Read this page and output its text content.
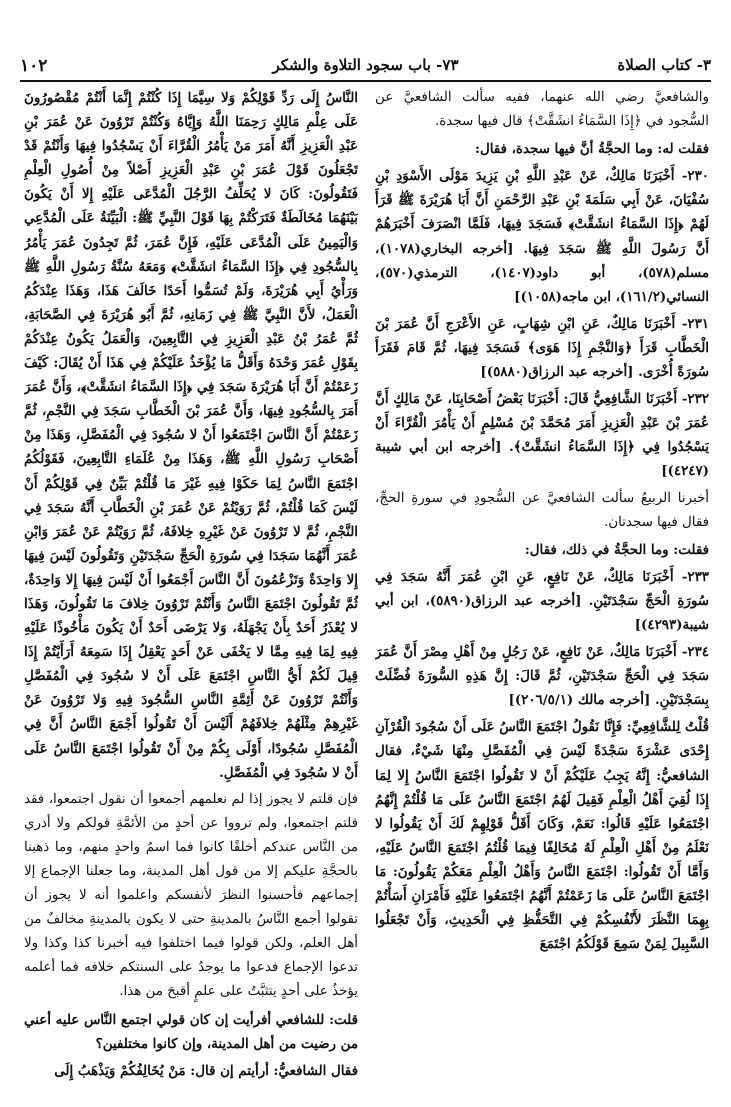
٣- كتاب الصلاة
٧٣- باب سجود التلاوة والشكر
١٠٢

والشافعيَّ رضي الله عنهما، ففيه سألت الشافعيَّ عن السُّجود في ﴿إِذَا السَّمَاءُ انشَقَّتْ﴾ قال فيها سجدة.

فقلت له: وما الحجَّةُ أنَّ فيها سجدة، فقال:

٢٣٠- أَخْبَرَنَا مَالِكٌ، عَنْ عَبْدِ اللَّهِ بْنِ يَزِيدَ مَوْلَى الأَسْوَدِ بْنِ سُفْيَانَ، عَنْ أَبِي سَلَمَةَ بْنِ عَبْدِ الرَّحْمَنِ أَنَّ أَبَا هُرَيْرَةَ ﷺ قَرَأَ لَهُمْ ﴿إِذَا السَّمَاءُ انشَقَّتْ﴾ فَسَجَدَ فِيهَا، فَلَمَّا انْصَرَفَ أَخْبَرَهُمْ أَنَّ رَسُولَ اللَّهِ ﷺ سَجَدَ فِيهَا. [أخرجه البخاري(١٠٧٨)، مسلم(٥٧٨)، أبو داود(١٤٠٧)، الترمذي(٥٧٠)، النسائي(١٦١/٢)، ابن ماجه(١٠٥٨)]

٢٣١- أَخْبَرَنَا مَالِكٌ، عَنِ ابْنِ شِهَابٍ، عَنِ الأَعْرَجِ أَنَّ عُمَرَ بْنَ الْخَطَّابِ قَرَأَ ﴿وَالنَّجْمِ إِذَا هَوَى﴾ فَسَجَدَ فِيهَا، ثُمَّ قَامَ فَقَرَأَ سُورَةً أُخْرَى. [أخرجه عبد الرزاق(٥٨٨٠)]

٢٣٢- أَخْبَرَنَا الشَّافِعِيُّ قَالَ: أَخْبَرَنَا بَعْضُ أَصْحَابِنَا، عَنْ مَالِكٍ أَنَّ عُمَرَ بْنَ عَبْدِ الْعَزِيزِ أَمَرَ مُحَمَّدَ بْنَ مُسْلِمٍ أَنْ يَأْمُرَ الْقُرَّاءَ أَنْ يَسْجُدُوا فِي ﴿إِذَا السَّمَاءُ انشَقَّتْ﴾. [أخرجه ابن أبي شيبة (٤٢٤٧)]

أخبرنا الربيعُ سألت الشافعيَّ عن السُّجودِ في سورةِ الحجِّ، فقال فيها سجدتان.

فقلت: وما الحجَّةُ في ذلك، فقال:

٢٣٣- أَخْبَرَنَا مَالِكٌ، عَنْ نَافِعٍ، عَنِ ابْنِ عُمَرَ أَنَّهُ سَجَدَ فِي سُورَةِ الْحَجِّ سَجْدَتَيْنِ. [أخرجه عبد الرزاق(٥٨٩٠)، ابن أبي شيبة(٤٢٩٣)]

٢٣٤- أَخْبَرَنَا مَالِكٌ، عَنْ نَافِعٍ، عَنْ رَجُلٍ مِنْ أَهْلِ مِصْرَ أَنَّ عُمَرَ سَجَدَ فِي الْحَجِّ سَجْدَتَيْنِ، ثُمَّ قَالَ: إِنَّ هَذِهِ السُّورَةَ فُضِّلَتْ بِسَجْدَتَيْنِ. [أخرجه مالك (٢٠٦/٥/١)]

قُلْتُ لِلشَّافِعِيِّ: فَإِنَّا نَقُولُ اجْتَمَعَ النَّاسُ عَلَى أَنْ سُجُودَ الْقُرْآنِ إِحْدَى عَشْرَةَ سَجْدَةً لَيْسَ فِي الْمُفَصَّلِ مِنْهَا شَيْءٌ، فقال الشافعيُّ: إِنَّهُ يَجِبُ عَلَيْكُمْ أَنْ لا تَقُولُوا اجْتَمَعَ النَّاسُ إِلا لِمَا إِذَا لُقِيَ أَهْلُ الْعِلْمِ فَقِيلَ لَهُمُ اجْتَمَعَ النَّاسُ عَلَى مَا قُلْتُمْ إِنَّهُمُ اجْتَمَعُوا عَلَيْهِ قَالُوا: نَعَمْ، وَكَانَ أَقَلُّ قَوْلِهِمْ لَكَ أَنْ يَقُولُوا لا نَعْلَمُ مِنْ أَهْلِ الْعِلْمِ لَهُ مُخَالِفًا فِيمَا قُلْتُمُ اجْتَمَعَ النَّاسُ عَلَيْهِ، وَأَمَّا أَنْ تَقُولُوا: اجْتَمَعَ النَّاسُ وَأَهْلُ الْعِلْمِ مَعَكُمْ يَقُولُونَ: مَا اجْتَمَعَ النَّاسُ عَلَى مَا زَعَمْتُمْ أَنَّهُمُ اجْتَمَعُوا عَلَيْهِ فَأَمْرَانِ أَسَأْتُمْ بِهِمَا النَّظَرَ لأَنْفُسِكُمْ فِي التَّحَفُّظِ فِي الْحَدِيثِ، وَأَنْ تَجْعَلُوا السَّبِيلَ لِمَنْ سَمِعَ قَوْلَكُمُ اجْتَمَعَ

النَّاسُ إِلَى رَدِّ قَوْلِكُمْ وَلا سِيَّمَا إِذَا كُنْتُمْ إِنَّمَا أَنْتُمْ مُقْصُورُونَ عَلَى عِلْمِ مَالِكٍ رَحِمَنَا اللَّهُ وَإِيَّاهُ وَكُنْتُمْ تَرْوُونَ عَنْ عُمَرَ بْنِ عَبْدِ الْعَزِيزِ أَنَّهُ أَمَرَ مَنْ يَأْمُرُ الْقُرَّاءَ أَنْ يَسْجُدُوا فِيهَا وَأَنْتُمْ قَدْ تَجْعَلُونَ قَوْلَ عُمَرَ بْنِ عَبْدِ الْعَزِيزِ أَصْلاً مِنْ أُصُولِ الْعِلْمِ فَتَقُولُونَ: كَانَ لا يُحَلِّفُ الرَّجُلَ الْمُدَّعَى عَلَيْهِ إِلا أَنْ يَكُونَ بَيْنَهُمَا مُخَالَطَةٌ فَتَرَكْتُمْ بِهَا قَوْلَ النَّبِيِّ ﷺ: الْبَيِّنَةُ عَلَى الْمُدَّعِي وَالْيَمِينُ عَلَى الْمُدَّعَى عَلَيْهِ، فَإِنَّ عُمَرَ، ثُمَّ تَجِدُونَ عُمَرَ يَأْمُرُ بِالسُّجُودِ فِي ﴿إِذَا السَّمَاءُ انشَقَّتْ﴾ وَمَعَهُ سُنَّةُ رَسُولِ اللَّهِ ﷺ وَرَأْيُ أَبِي هُرَيْرَةَ، وَلَمْ تُسَمُّوا أَحَدًا خَالَفَ هَذَا، وَهَذَا عِنْدَكُمُ الْعَمَلُ، لأَنَّ النَّبِيَّ ﷺ فِي زَمَانِهِ، ثُمَّ أَبُو هُرَيْرَةَ فِي الصَّحَابَةِ، ثُمَّ عُمَرُ بْنُ عَبْدِ الْعَزِيزِ فِي التَّابِعِينَ، وَالْعَمَلُ يَكُونُ عِنْدَكُمْ بِقَوْلِ عُمَرَ وَحْدَهُ وَأَقَلُّ مَا يُؤْخَذُ عَلَيْكُمْ فِي هَذَا أَنْ يُقَالَ: كَيْفَ زَعَمْتُمْ أَنَّ أَبَا هُرَيْرَةَ سَجَدَ فِي ﴿إِذَا السَّمَاءُ انشَقَّتْ﴾، وَأَنَّ عُمَرَ أَمَرَ بِالسُّجُودِ فِيهَا، وَأَنَّ عُمَرَ بْنَ الْخَطَّابِ سَجَدَ فِي النَّجْمِ، ثُمَّ زَعَمْتُمْ أَنَّ النَّاسَ اجْتَمَعُوا أَنْ لا سُجُودَ فِي الْمُفَصَّلِ، وَهَذَا مِنْ أَصْحَابِ رَسُولِ اللَّهِ ﷺ، وَهَذَا مِنْ عُلَمَاءِ التَّابِعِينَ، فَقَوْلُكُمُ اجْتَمَعَ النَّاسُ لِمَا حَكَوْا فِيهِ غَيْرَ مَا قُلْتُمْ بَيِّنٌ فِي قَوْلِكُمْ أَنْ لَيْسَ كَمَا قُلْتُمْ، ثُمَّ رَوَيْتُمْ عَنْ عُمَرَ بْنِ الْخَطَّابِ أَنَّهُ سَجَدَ فِي النَّجْمِ، ثُمَّ لا تَرْوُونَ عَنْ غَيْرِهِ خِلافَهُ، ثُمَّ رَوَيْتُمْ عَنْ عُمَرَ وَابْنِ عُمَرَ أَنَّهُمَا سَجَدَا فِي سُورَةِ الْحَجِّ سَجْدَتَيْنِ وَتَقُولُونَ لَيْسَ فِيهَا إِلا وَاحِدَةٌ وَتَزْعُمُونَ أَنَّ النَّاسَ أَجْمَعُوا أَنْ لَيْسَ فِيهَا إِلا وَاحِدَةٌ، ثُمَّ تَقُولُونَ اجْتَمَعَ النَّاسُ وَأَنْتُمْ تَرْوُونَ خِلافَ مَا تَقُولُونَ، وَهَذَا لا يُعْذَرُ أَحَدٌ بِأَنْ يَجْهَلَهُ، وَلا يَرْضَى أَحَدٌ أَنْ يَكُونَ مَأْخُوذًا عَلَيْهِ فِيهِ لِمَا فِيهِ مِمَّا لا يَخْفَى عَنْ أَحَدٍ يَعْقِلُ إِذَا سَمِعَهُ أَرَأَيْتُمْ إِذَا قِيلَ لَكُمْ أَيُّ النَّاسِ اجْتَمَعَ عَلَى أَنْ لا سُجُودَ فِي الْمُفَصَّلِ وَأَنْتُمْ تَرْوُونَ عَنْ أَئِمَّةِ النَّاسِ السُّجُودَ فِيهِ وَلا تَرْوُونَ عَنْ غَيْرِهِمْ مِثْلَهُمْ خِلافَهُمْ أَلَيْسَ أَنْ تَقُولُوا أَجْمَعَ النَّاسُ أَنَّ فِي الْمُفَصَّلِ سُجُودًا، أَوْلَى بِكُمْ مِنْ أَنْ تَقُولُوا اجْتَمَعَ النَّاسُ عَلَى أَنْ لا سُجُودَ فِي الْمُفَصَّلِ.

فإن قلتم لا يجوز إذا لم نعلمهم أجمعوا أن نقول اجتمعوا، فقد قلتم اجتمعوا، ولم ترووا عن أحدٍ من الأئمَّةِ قولكم ولا أدري من النَّاس عندكم أخلقًا كانوا فما اسمُ واحدٍ منهم، وما ذهبنا بالحجَّةِ عليكم إلا من قول أهل المدينة، وما جعلنا الإجماع إلا إجماعهم فأحسنوا النظرَ لأنفسكم واعلموا أنه لا يجوز أن تقولوا أجمع النَّاسُ بالمدينةِ حتى لا يكون بالمدينةِ مخالفٌ من أهل العلم، ولكن قولوا فيما اختلفوا فيه أخبرنا كذا وكذا ولا تدعوا الإجماع فدعوا ما يوجدُ على السنتكم خلافه فما أعلمه يؤخذُ على أحدٍ يتثبَّتُ على علمٍ أقبحَ من هذا.

قلت: للشافعي أفرأيت إن كان قولي اجتمع النَّاس عليه أعني من رضيت من أهل المدينة، وإن كانوا مختلفين؟

فقال الشافعيُّ: أرأيتم إن قال: مَنْ يُخَالِفُكُمْ وَيَذْهَبُ إِلَى
